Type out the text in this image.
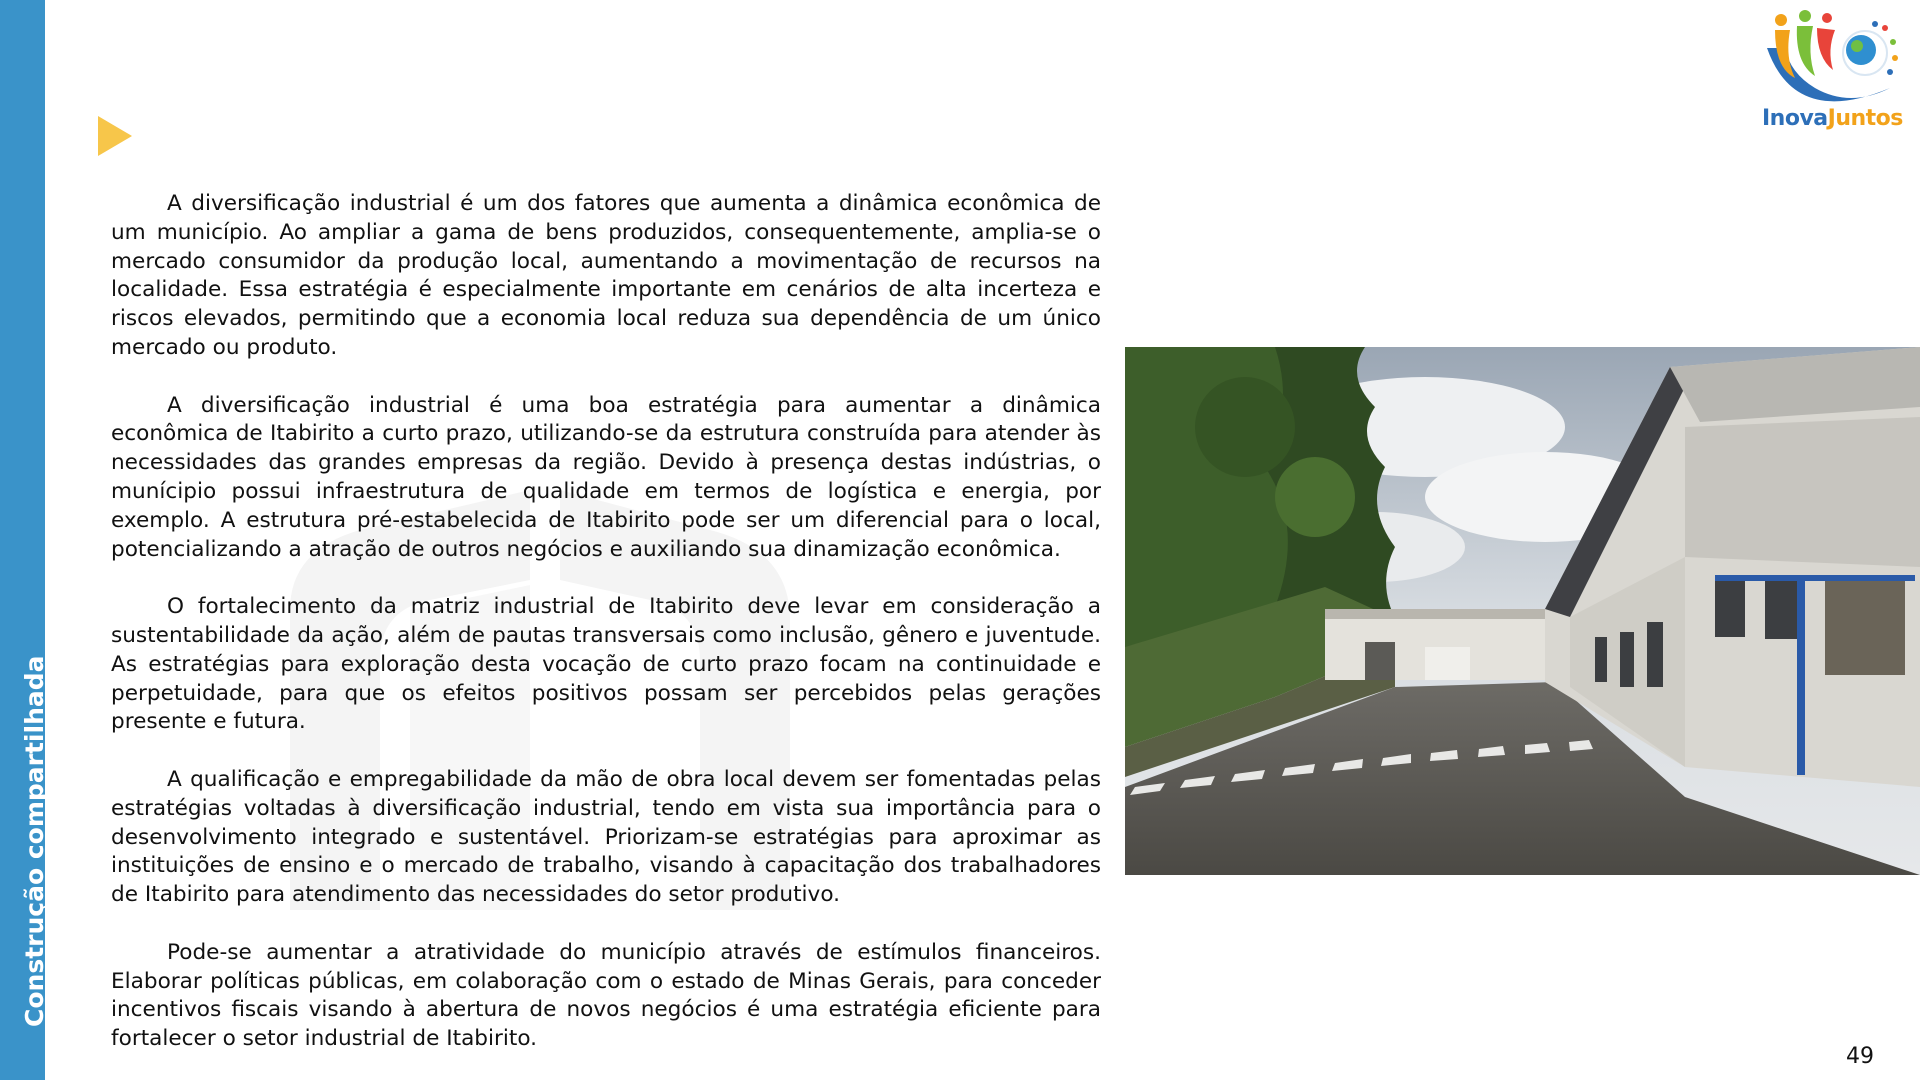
Construção compartilhada

A diversificação industrial é um dos fatores que aumenta a dinâmica econômica de um município. Ao ampliar a gama de bens produzidos, consequentemente, amplia-se o mercado consumidor da produção local, aumentando a movimentação de recursos na localidade. Essa estratégia é especialmente importante em cenários de alta incerteza e riscos elevados, permitindo que a economia local reduza sua dependência de um único mercado ou produto.

A diversificação industrial é uma boa estratégia para aumentar a dinâmica econômica de Itabirito a curto prazo, utilizando-se da estrutura construída para atender às necessidades das grandes empresas da região. Devido à presença destas indústrias, o munícipio possui infraestrutura de qualidade em termos de logística e energia, por exemplo. A estrutura pré-estabelecida de Itabirito pode ser um diferencial para o local, potencializando a atração de outros negócios e auxiliando sua dinamização econômica.

O fortalecimento da matriz industrial de Itabirito deve levar em consideração a sustentabilidade da ação, além de pautas transversais como inclusão, gênero e juventude. As estratégias para exploração desta vocação de curto prazo focam na continuidade e perpetuidade, para que os efeitos positivos possam ser percebidos pelas gerações presente e futura.

A qualificação e empregabilidade da mão de obra local devem ser fomentadas pelas estratégias voltadas à diversificação industrial, tendo em vista sua importância para o desenvolvimento integrado e sustentável. Priorizam-se estratégias para aproximar as instituições de ensino e o mercado de trabalho, visando à capacitação dos trabalhadores de Itabirito para atendimento das necessidades do setor produtivo.

Pode-se aumentar a atratividade do município através de estímulos financeiros. Elaborar políticas públicas, em colaboração com o estado de Minas Gerais, para conceder incentivos fiscais visando à abertura de novos negócios é uma estratégia eficiente para fortalecer o setor industrial de Itabirito.

InovaJuntos
49
